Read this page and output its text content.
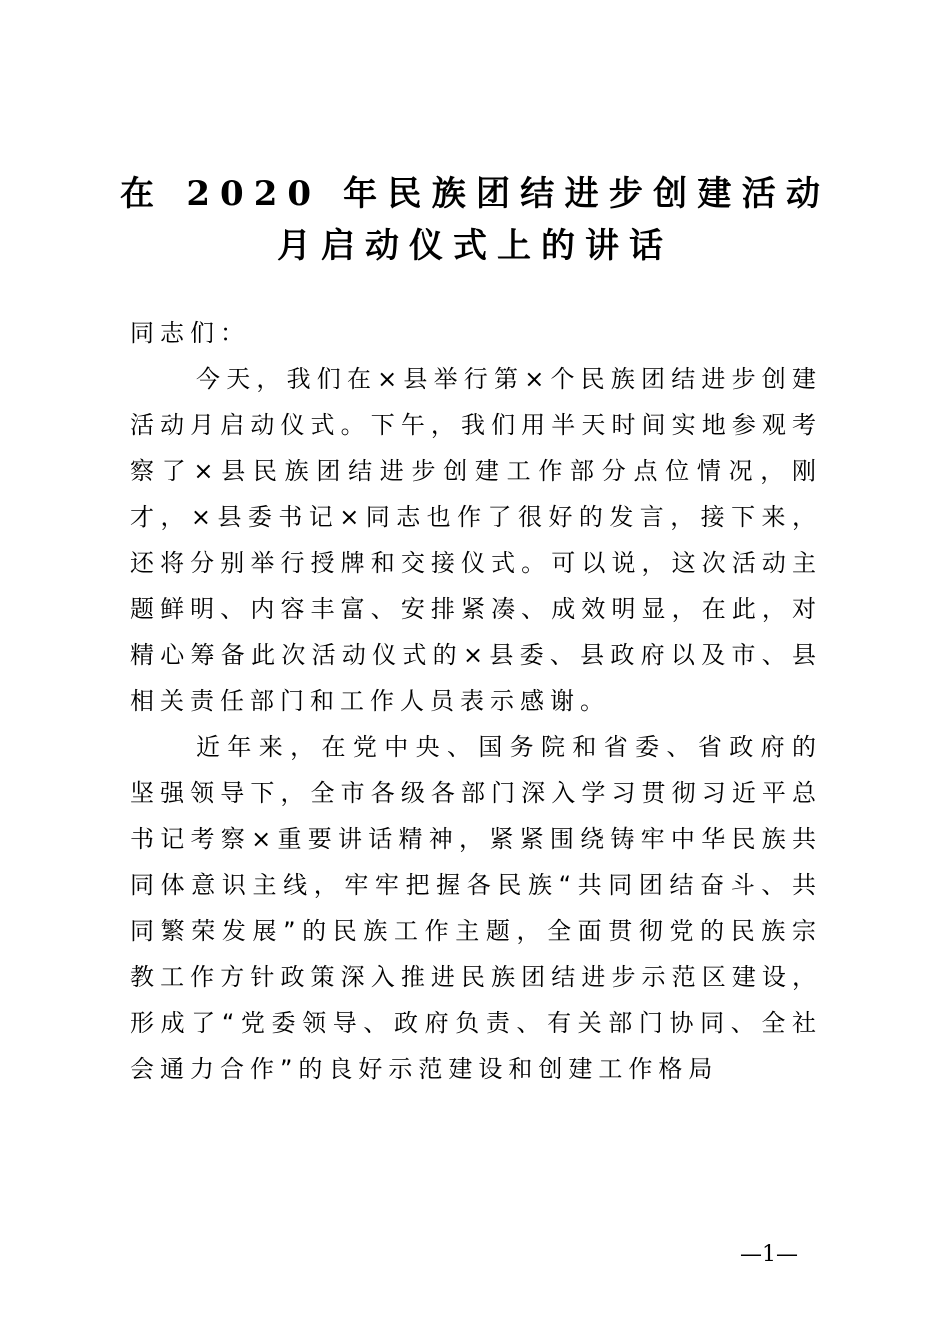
在 2020 年民族团结进步创建活动
月启动仪式上的讲话

同志们：

今天，我们在×县举行第×个民族团结进步创建活动月启动仪式。下午，我们用半天时间实地参观考察了×县民族团结进步创建工作部分点位情况，刚才，×县委书记×同志也作了很好的发言，接下来，还将分别举行授牌和交接仪式。可以说，这次活动主题鲜明、内容丰富、安排紧凑、成效明显，在此，对精心筹备此次活动仪式的×县委、县政府以及市、县相关责任部门和工作人员表示感谢。

近年来，在党中央、国务院和省委、省政府的坚强领导下，全市各级各部门深入学习贯彻习近平总书记考察×重要讲话精神，紧紧围绕铸牢中华民族共同体意识主线，牢牢把握各民族“共同团结奋斗、共同繁荣发展”的民族工作主题，全面贯彻党的民族宗教工作方针政策深入推进民族团结进步示范区建设，形成了“党委领导、政府负责、有关部门协同、全社会通力合作”的良好示范建设和创建工作格局

—1—
